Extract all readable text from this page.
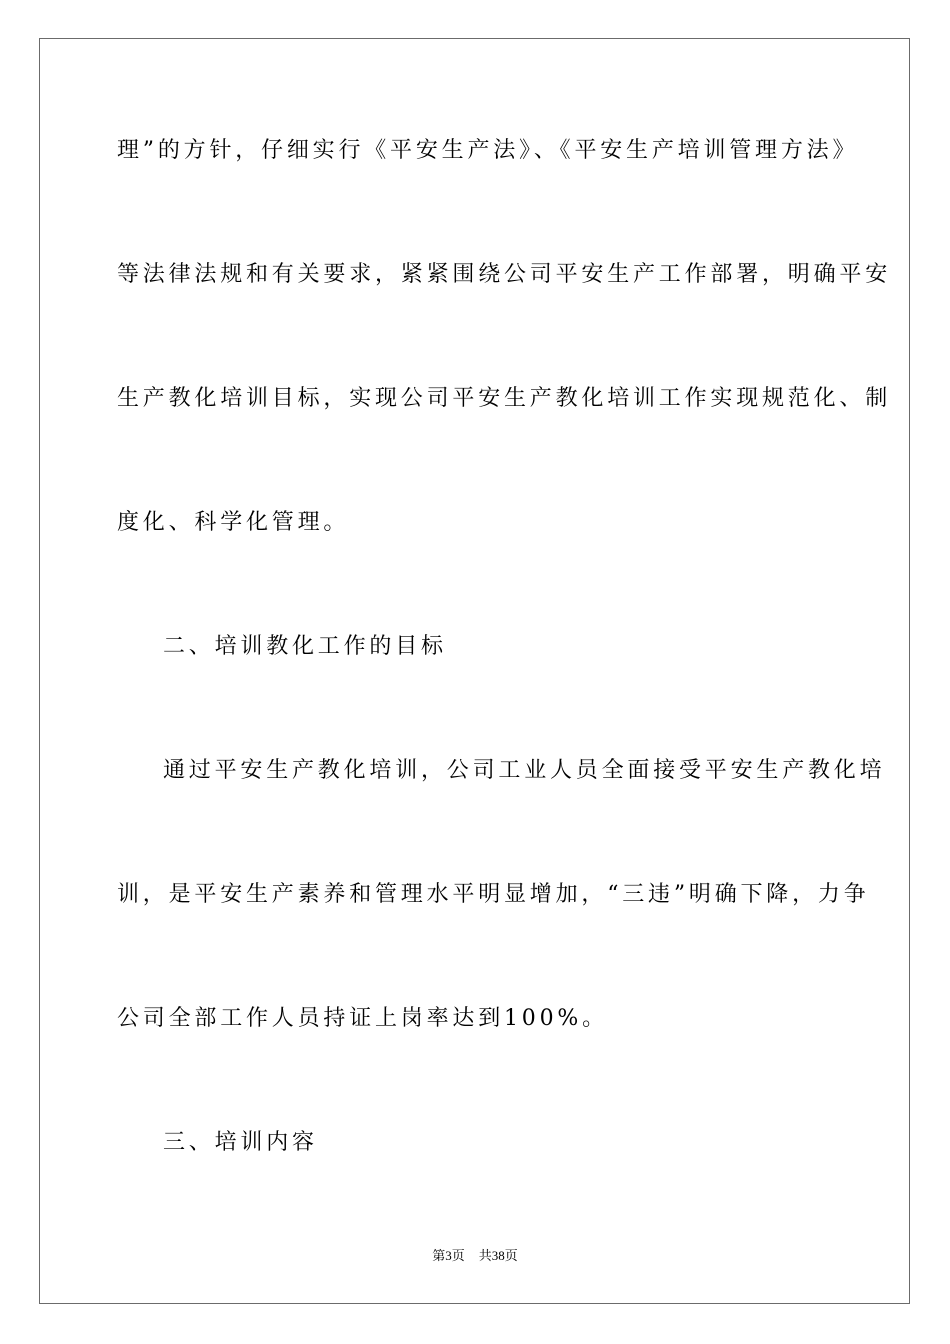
理”的方针，仔细实行《平安生产法》、《平安生产培训管理方法》
等法律法规和有关要求，紧紧围绕公司平安生产工作部署，明确平安
生产教化培训目标，实现公司平安生产教化培训工作实现规范化、制
度化、科学化管理。
二、培训教化工作的目标
通过平安生产教化培训，公司工业人员全面接受平安生产教化培
训，是平安生产素养和管理水平明显增加，“三违”明确下降，力争
公司全部工作人员持证上岗率达到100%。
三、培训内容
第3页 共38页
